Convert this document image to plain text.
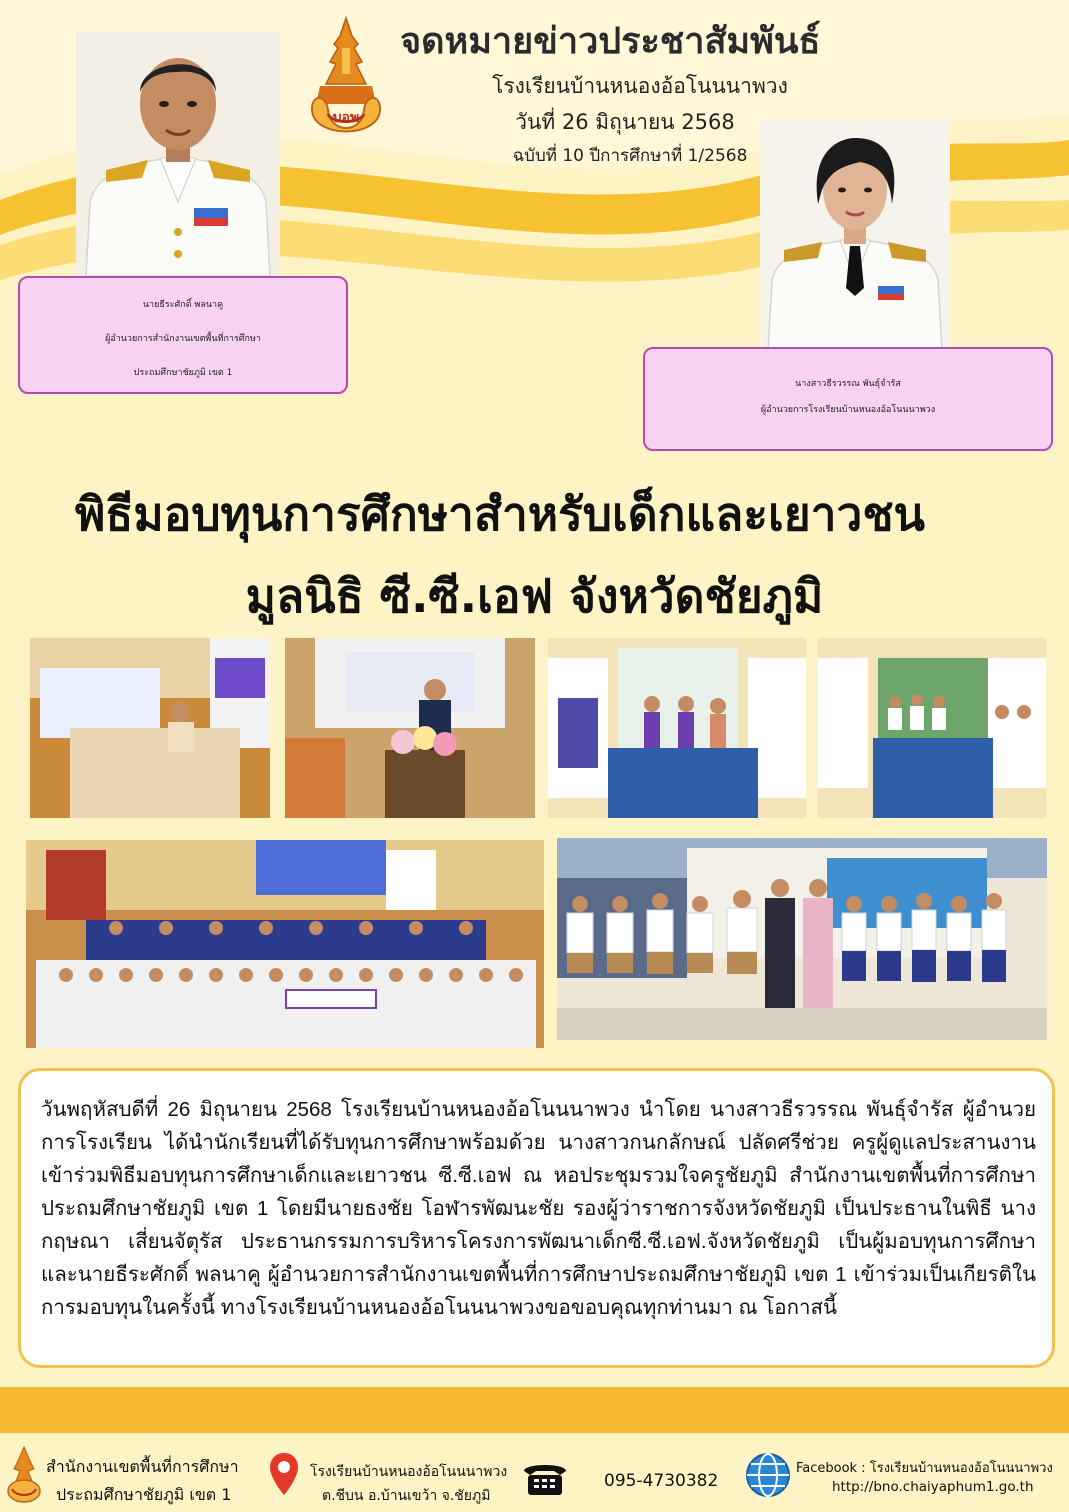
บอพ
จดหมายข่าวประชาสัมพันธ์
โรงเรียนบ้านหนองอ้อโนนนาพวง
วันที่ 26 มิถุนายน 2568
ฉบับที่ 10 ปีการศึกษาที่ 1/2568
นายธีระศักดิ์ พลนาคู
ผู้อำนวยการสำนักงานเขตพื้นที่การศึกษา
ประถมศึกษาชัยภูมิ เขต 1
นางสาวธีรวรรณ พันธุ์จำรัส
ผู้อำนวยการโรงเรียนบ้านหนองอ้อโนนนาพวง
พิธีมอบทุนการศึกษาสำหรับเด็กและเยาวชน
มูลนิธิ ซี.ซี.เอฟ จังหวัดชัยภูมิ

วันพฤหัสบดีที่ 26 มิถุนายน 2568 โรงเรียนบ้านหนองอ้อโนนนาพวง นำโดย นางสาวธีรวรรณ พันธุ์จำรัส ผู้อำนวยการโรงเรียน ได้นำนักเรียนที่ได้รับทุนการศึกษาพร้อมด้วย นางสาวกนกลักษณ์ ปลัดศรีช่วย ครูผู้ดูแลประสานงาน เข้าร่วมพิธีมอบทุนการศึกษาเด็กและเยาวชน ซี.ซี.เอฟ ณ หอประชุมรวมใจครูชัยภูมิ สำนักงานเขตพื้นที่การศึกษาประถมศึกษาชัยภูมิ เขต 1 โดยมีนายธงชัย โอฬารพัฒนะชัย รองผู้ว่าราชการจังหวัดชัยภูมิ เป็นประธานในพิธี นางกฤษณา เสี่ยนจัตุรัส ประธานกรรมการบริหารโครงการพัฒนาเด็กซี.ซี.เอฟ.จังหวัดชัยภูมิ เป็นผู้มอบทุนการศึกษา และนายธีระศักดิ์ พลนาคู ผู้อำนวยการสำนักงานเขตพื้นที่การศึกษาประถมศึกษาชัยภูมิ เขต 1 เข้าร่วมเป็นเกียรติในการมอบทุนในครั้งนี้ ทางโรงเรียนบ้านหนองอ้อโนนนาพวงขอขอบคุณทุกท่านมา ณ โอกาสนี้

สำนักงานเขตพื้นที่การศึกษา
ประถมศึกษาชัยภูมิ เขต 1
โรงเรียนบ้านหนองอ้อโนนนาพวง
ต.ชีบน อ.บ้านเขว้า จ.ชัยภูมิ
095-4730382
Facebook : โรงเรียนบ้านหนองอ้อโนนนาพวง
http://bno.chaiyaphum1.go.th
